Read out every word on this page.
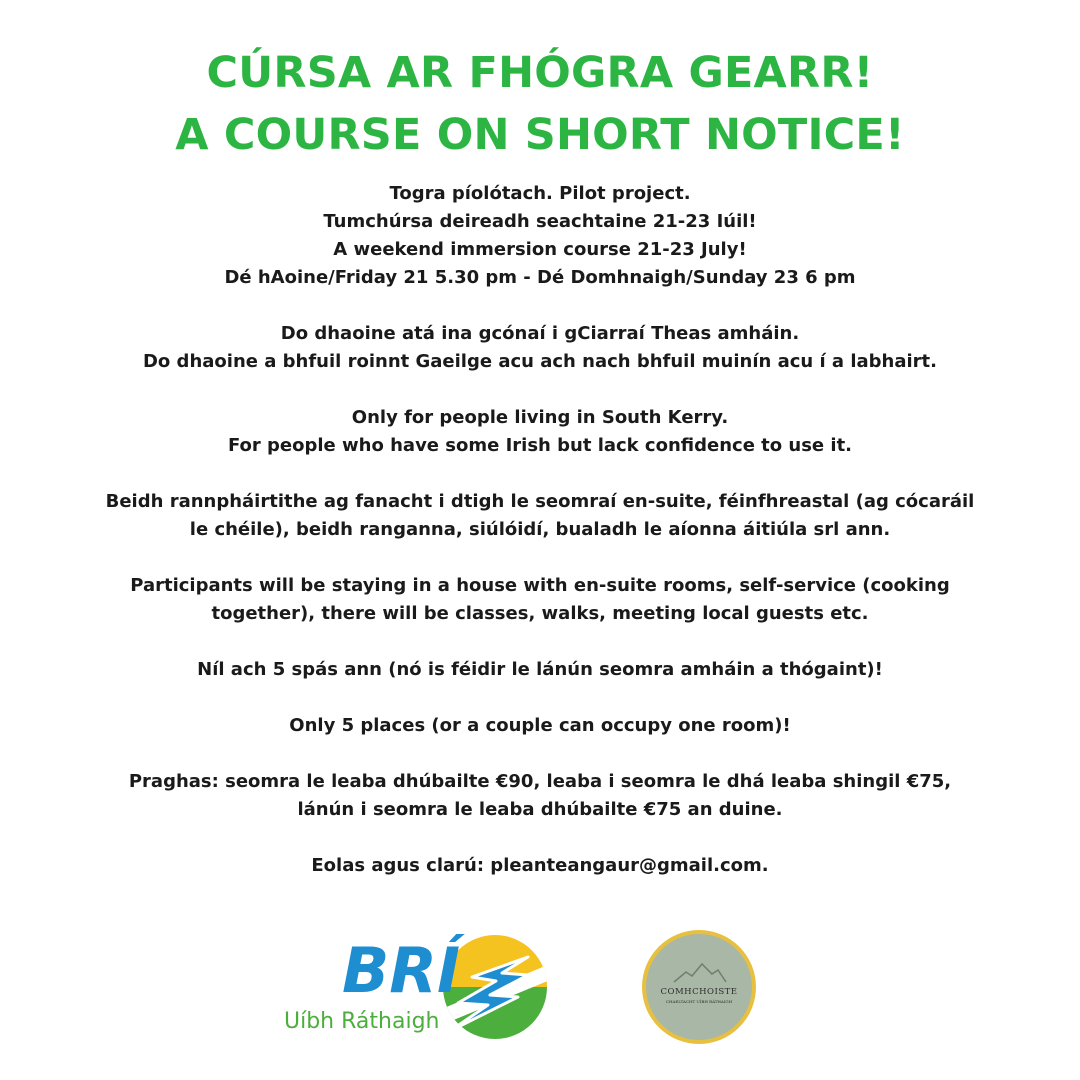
CÚRSA AR FHÓGRA GEARR!
A COURSE ON SHORT NOTICE!
Togra píolótach. Pilot project.
Tumchúrsa deireadh seachtaine 21-23 Iúil!
A weekend immersion course 21-23 July!
Dé hAoine/Friday 21 5.30 pm - Dé Domhnaigh/Sunday 23 6 pm
Do dhaoine atá ina gcónaí i gCiarraí Theas amháin.
Do dhaoine a bhfuil roinnt Gaeilge acu ach nach bhfuil muinín acu í a labhairt.
Only for people living in South Kerry.
For people who have some Irish but lack confidence to use it.
Beidh rannpháirtithe ag fanacht i dtigh le seomraí en-suite, féinfhreastal (ag cócaráil
le chéile), beidh ranganna, siúlóidí, bualadh le aíonna áitiúla srl ann.
Participants will be staying in a house with en-suite rooms, self-service (cooking
together), there will be classes, walks, meeting local guests etc.
Níl ach 5 spás ann (nó is féidir le lánún seomra amháin a thógaint)!
Only 5 places (or a couple can occupy one room)!
Praghas: seomra le leaba dhúbailte €90, leaba i seomra le dhá leaba shingil €75,
lánún i seomra le leaba dhúbailte €75 an duine.
Eolas agus clarú: pleanteangaur@gmail.com.
BRÍ
Uíbh Ráthaigh
COMHCHOISTE
CHAELTACHT UÍBH RÁTHAIGH
